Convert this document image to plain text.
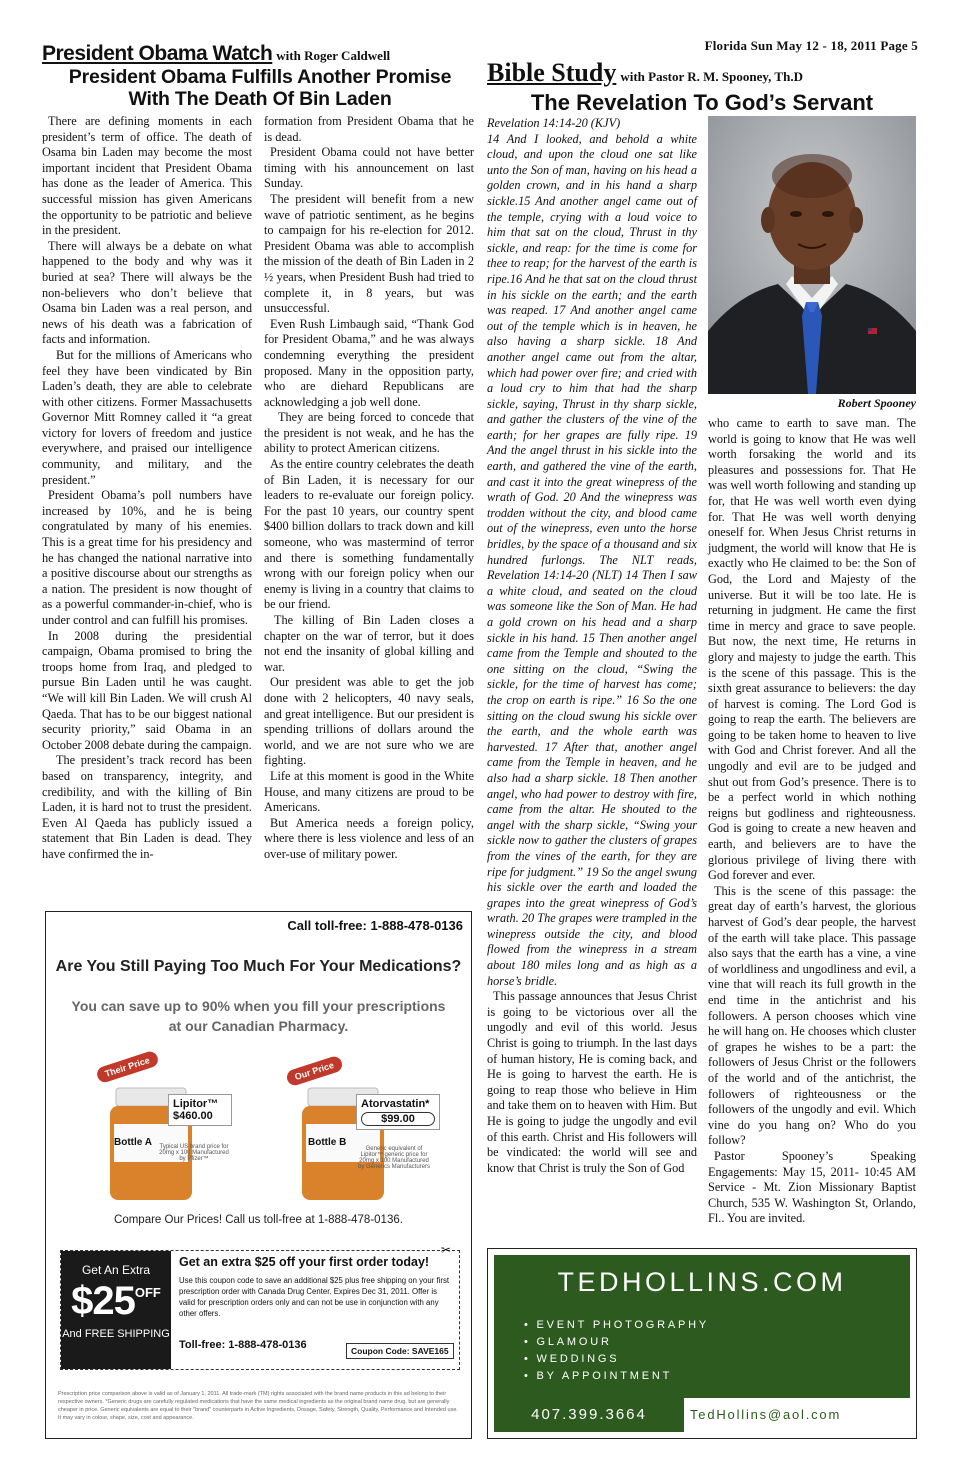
Florida Sun May 12 - 18, 2011 Page 5
President Obama Watch with Roger Caldwell
President Obama Fulfills Another Promise
With The Death Of Bin Laden

There are defining moments in each president’s term of office. The death of Osama bin Laden may become the most important incident that President Obama has done as the leader of America. This successful mission has given Americans the opportunity to be patriotic and believe in the president.

There will always be a debate on what happened to the body and why was it buried at sea? There will always be the non-believers who don’t believe that Osama bin Laden was a real person, and news of his death was a fabrication of facts and information.

But for the millions of Americans who feel they have been vindicated by Bin Laden’s death, they are able to celebrate with other citizens. Former Massachusetts Governor Mitt Romney called it “a great victory for lovers of freedom and justice everywhere, and praised our intelligence community, and military, and the president.”

President Obama’s poll numbers have increased by 10%, and he is being congratulated by many of his enemies. This is a great time for his presidency and he has changed the national narrative into a positive discourse about our strengths as a nation. The president is now thought of as a powerful commander-in-chief, who is under control and can fulfill his promises.

In 2008 during the presidential campaign, Obama promised to bring the troops home from Iraq, and pledged to pursue Bin Laden until he was caught. “We will kill Bin Laden. We will crush Al Qaeda. That has to be our biggest national security priority,” said Obama in an October 2008 debate during the campaign.

The president’s track record has been based on transparency, integrity, and credibility, and with the killing of Bin Laden, it is hard not to trust the president. Even Al Qaeda has publicly issued a statement that Bin Laden is dead. They have confirmed the in-

formation from President Obama that he is dead.

President Obama could not have better timing with his announcement on last Sunday.

The president will benefit from a new wave of patriotic sentiment, as he begins to campaign for his re-election for 2012. President Obama was able to accomplish the mission of the death of Bin Laden in 2 ½ years, when President Bush had tried to complete it, in 8 years, but was unsuccessful.

Even Rush Limbaugh said, “Thank God for President Obama,” and he was always condemning everything the president proposed. Many in the opposition party, who are diehard Republicans are acknowledging a job well done.

They are being forced to concede that the president is not weak, and he has the ability to protect American citizens.

As the entire country celebrates the death of Bin Laden, it is necessary for our leaders to re-evaluate our foreign policy. For the past 10 years, our country spent $400 billion dollars to track down and kill someone, who was mastermind of terror and there is something fundamentally wrong with our foreign policy when our enemy is living in a country that claims to be our friend.

The killing of Bin Laden closes a chapter on the war of terror, but it does not end the insanity of global killing and war.

Our president was able to get the job done with 2 helicopters, 40 navy seals, and great intelligence. But our president is spending trillions of dollars around the world, and we are not sure who we are fighting.

Life at this moment is good in the White House, and many citizens are proud to be Americans.

But America needs a foreign policy, where there is less violence and less of an over-use of military power.

Bible Study with Pastor R. M. Spooney, Th.D
The Revelation To God’s Servant
Revelation 14:14-20 (KJV)
14 And I looked, and behold a white cloud, and upon the cloud one sat like unto the Son of man, having on his head a golden crown, and in his hand a sharp sickle.15 And another angel came out of the temple, crying with a loud voice to him that sat on the cloud, Thrust in thy sickle, and reap: for the time is come for thee to reap; for the harvest of the earth is ripe.16 And he that sat on the cloud thrust in his sickle on the earth; and the earth was reaped. 17 And another angel came out of the temple which is in heaven, he also having a sharp sickle. 18 And another angel came out from the altar, which had power over fire; and cried with a loud cry to him that had the sharp sickle, saying, Thrust in thy sharp sickle, and gather the clusters of the vine of the earth; for her grapes are fully ripe. 19 And the angel thrust in his sickle into the earth, and gathered the vine of the earth, and cast it into the great winepress of the wrath of God. 20 And the winepress was trodden without the city, and blood came out of the winepress, even unto the horse bridles, by the space of a thousand and six hundred furlongs. The NLT reads, Revelation 14:14-20 (NLT) 14 Then I saw a white cloud, and seated on the cloud was someone like the Son of Man. He had a gold crown on his head and a sharp sickle in his hand. 15 Then another angel came from the Temple and shouted to the one sitting on the cloud, “Swing the sickle, for the time of harvest has come; the crop on earth is ripe.” 16 So the one sitting on the cloud swung his sickle over the earth, and the whole earth was harvested. 17 After that, another angel came from the Temple in heaven, and he also had a sharp sickle. 18 Then another angel, who had power to destroy with fire, came from the altar. He shouted to the angel with the sharp sickle, “Swing your sickle now to gather the clusters of grapes from the vines of the earth, for they are ripe for judgment.” 19 So the angel swung his sickle over the earth and loaded the grapes into the great winepress of God’s wrath. 20 The grapes were trampled in the winepress outside the city, and blood flowed from the winepress in a stream about 180 miles long and as high as a horse’s bridle.

This passage announces that Jesus Christ is going to be victorious over all the ungodly and evil of this world. Jesus Christ is going to triumph. In the last days of human history, He is coming back, and He is going to harvest the earth. He is going to reap those who believe in Him and take them on to heaven with Him. But He is going to judge the ungodly and evil of this earth. Christ and His followers will be vindicated: the world will see and know that Christ is truly the Son of God

Robert Spooney

who came to earth to save man. The world is going to know that He was well worth forsaking the world and its pleasures and possessions for. That He was well worth following and standing up for, that He was well worth even dying for. That He was well worth denying oneself for. When Jesus Christ returns in judgment, the world will know that He is exactly who He claimed to be: the Son of God, the Lord and Majesty of the universe. But it will be too late. He is returning in judgment. He came the first time in mercy and grace to save people. But now, the next time, He returns in glory and majesty to judge the earth. This is the scene of this passage. This is the sixth great assurance to believers: the day of harvest is coming. The Lord God is going to reap the earth. The believers are going to be taken home to heaven to live with God and Christ forever. And all the ungodly and evil are to be judged and shut out from God’s presence. There is to be a perfect world in which nothing reigns but godliness and righteousness. God is going to create a new heaven and earth, and believers are to have the glorious privilege of living there with God forever and ever.

This is the scene of this passage: the great day of earth’s harvest, the glorious harvest of God’s dear people, the harvest of the earth will take place. This passage also says that the earth has a vine, a vine of worldliness and ungodliness and evil, a vine that will reach its full growth in the end time in the antichrist and his followers. A person chooses which vine he will hang on. He chooses which cluster of grapes he wishes to be a part: the followers of Jesus Christ or the followers of the world and of the antichrist, the followers of righteousness or the followers of the ungodly and evil. Which vine do you hang on? Who do you follow?

Pastor Spooney’s Speaking Engagements: May 15, 2011- 10:45 AM Service - Mt. Zion Missionary Baptist Church, 535 W. Washington St, Orlando, Fl.. You are invited.

Call toll-free: 1-888-478-0136
Are You Still Paying Too Much For Your Medications?
You can save up to 90% when you fill your prescriptions
at our Canadian Pharmacy.
Their Price
Bottle A
Lipitor™
$460.00
Typical US brand price for 20mg x 100 Manufactured by Pfizer™
Our Price
Bottle B
Atorvastatin*
$99.00
Generic equivalent of Lipitor™ generic price for 20mg x 100 Manufactured by Generics Manufacturers
Compare Our Prices! Call us toll-free at 1-888-478-0136.
Get An Extra
$\$25^{OFF}$
And FREE SHIPPING
Get an extra $25 off your first order today!
✂
Use this coupon code to save an additional $25 plus free shipping on your first prescription order with Canada Drug Center. Expires Dec 31, 2011. Offer is valid for prescription orders only and can not be use in conjunction with any other offers.
Toll-free: 1-888-478-0136	Coupon Code: SAVE165
Prescription price comparison above is valid as of January 1, 2011. All trade-mark (TM) rights associated with the brand name products in this ad belong to their respective owners. *Generic drugs are carefully regulated medications that have the same medical ingredients as the original brand name drug, but are generally cheaper in price. Generic equivalents are equal to their "brand" counterparts in Active Ingredients, Dosage, Safety, Strength, Quality, Performance and Intended use. It may vary in colour, shape, size, cost and appearance.
TEDHOLLINS.COM
• EVENT PHOTOGRAPHY
• GLAMOUR
• WEDDINGS
• BY APPOINTMENT
407.399.3664	TedHollins@aol.com
